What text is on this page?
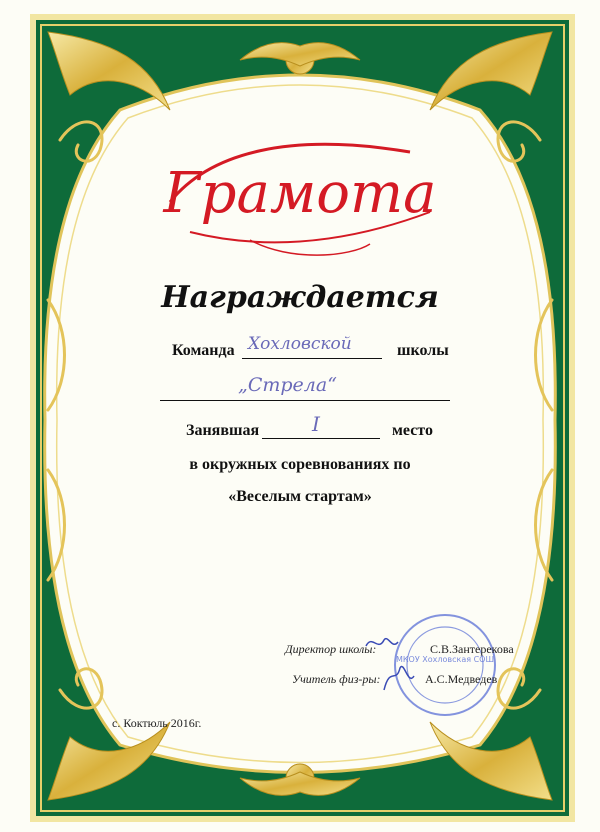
Грамота
Награждается
Команда Хохловской	школы
„Стрела“
Занявшая	I	место
в окружных соревнованиях по
«Веселым стартам»
МКОУ Хохловская СОШ
Директор школы:	С.В.Зантерекова
Учитель физ-ры:	А.С.Медведев
с. Коктюль 2016г.
